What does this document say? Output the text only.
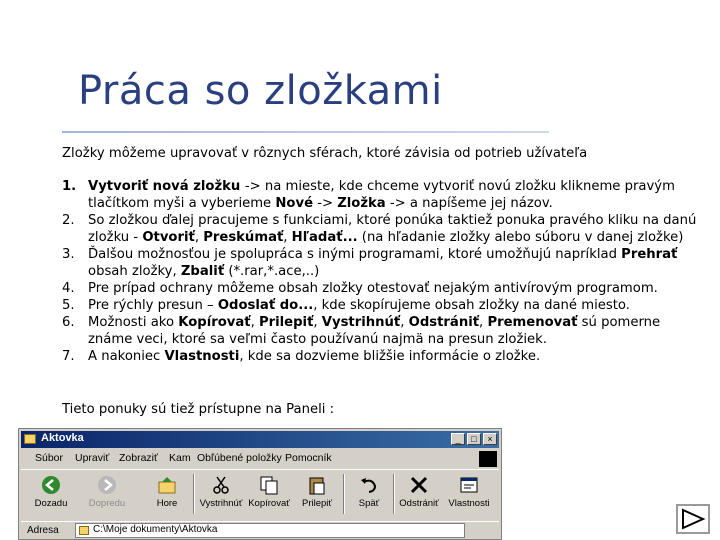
Práca so zložkami

Zložky môžeme upravovať v rôznych sférach, ktoré závisia od potrieb užívateľa

1. Vytvoriť nová zložku -> na mieste, kde chceme vytvoriť novú zložku klikneme pravým tlačítkom myši a vyberieme Nové -> Zložka -> a napíšeme jej názov.
2. So zložkou ďalej pracujeme s funkciami, ktoré ponúka taktiež ponuka pravého kliku na danú zložku - Otvoriť, Preskúmať, Hľadať... (na hľadanie zložky alebo súboru v danej zložke)
3. Ďalšou možnosťou je spolupráca s inými programami, ktoré umožňujú napríklad Prehrať obsah zložky, Zbaliť (*.rar,*.ace,..)
4. Pre prípad ochrany môžeme obsah zložky otestovať nejakým antivírovým programom.
5. Pre rýchly presun – Odoslať do..., kde skopírujeme obsah zložky na dané miesto.
6. Možnosti ako Kopírovať, Prilepiť, Vystrihnúť, Odstrániť, Premenovať sú pomerne známe veci, ktoré sa veľmi často používanú najmä na presun zložiek.
7. A nakoniec Vlastnosti, kde sa dozvieme bližšie informácie o zložke.

Tieto ponuky sú tiež prístupne na Paneli :

Aktovka	_	□	×
Súbor Upraviť Zobraziť Kam Obľúbené položky Pomocník
Dozadu	Dopredu	Hore	Vystrihnúť Kopírovať	Prilepiť	Späť	Odstrániť Vlastnosti
Adresa	C:\Moje dokumenty\Aktovka
